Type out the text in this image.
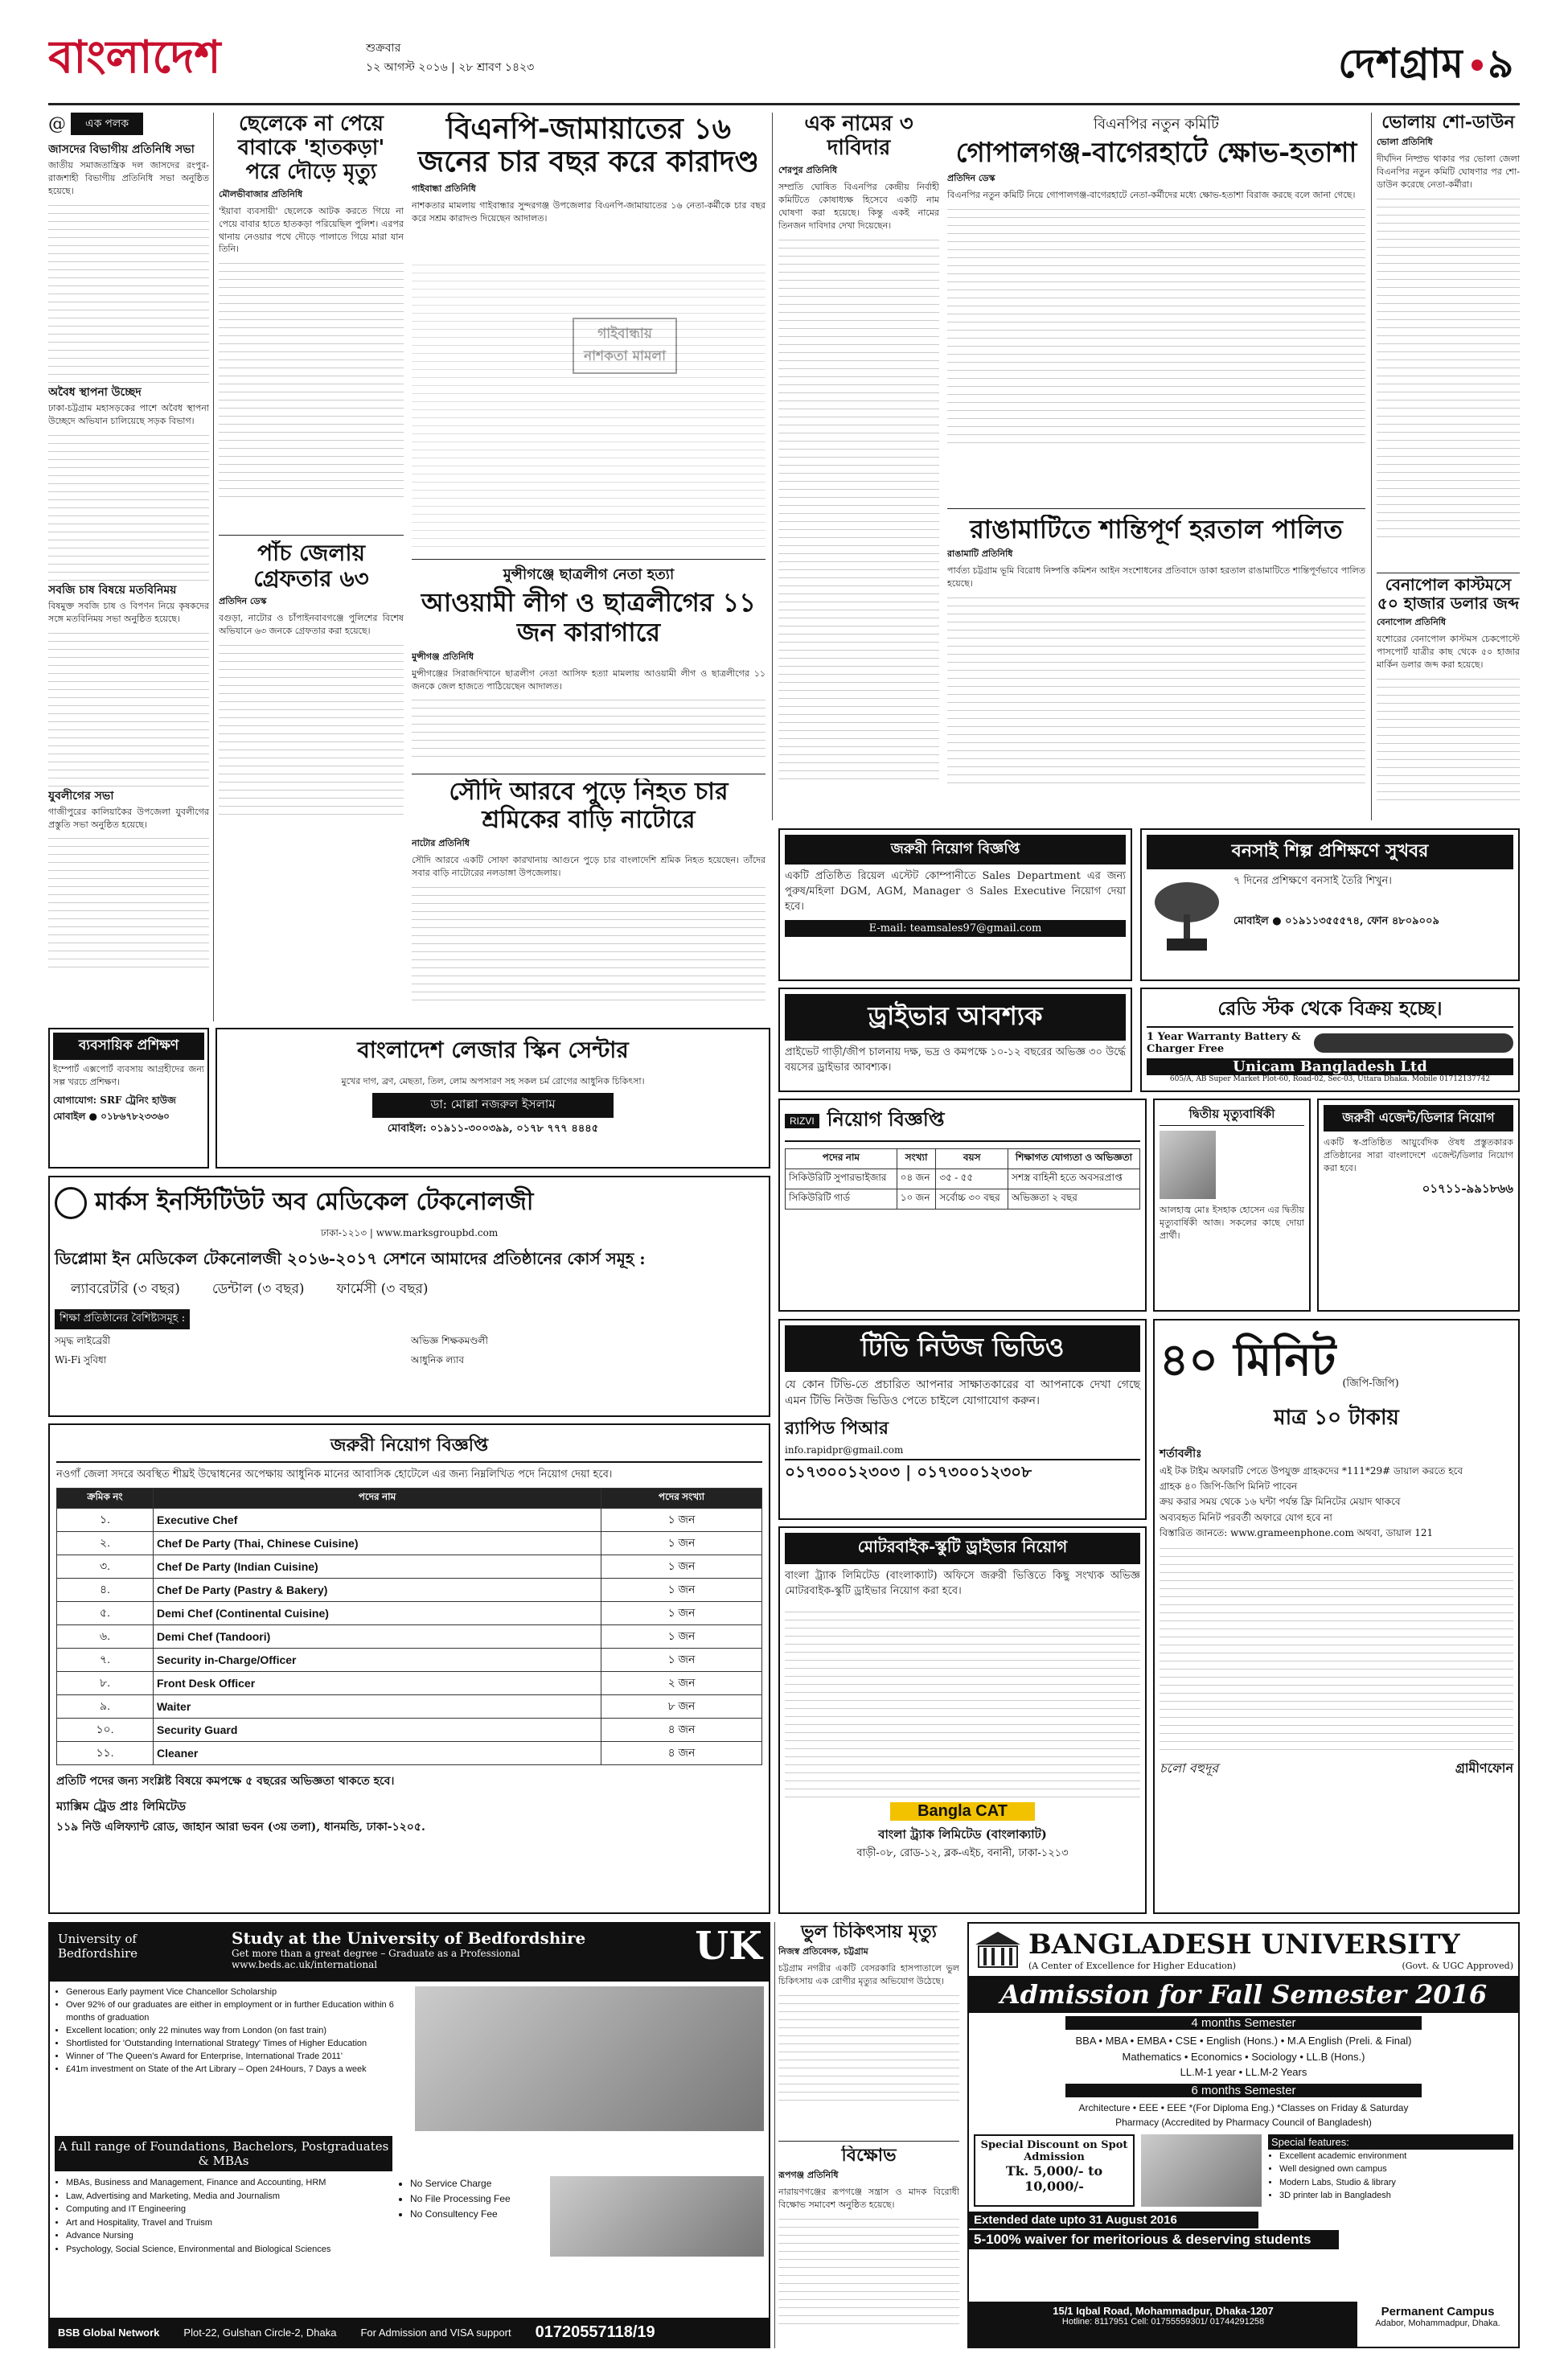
বাংলাদেশ	শুক্রবার
১২ আগস্ট ২০১৬ | ২৮ শ্রাবণ ১৪২৩	দেশগ্রাম ৯
@	এক পলক
জাসদের বিভাগীয় প্রতিনিধি সভা
জাতীয় সমাজতান্ত্রিক দল জাসদের রংপুর-রাজশাহী বিভাগীয় প্রতিনিধি সভা অনুষ্ঠিত হয়েছে।
অবৈধ স্থাপনা উচ্ছেদ
ঢাকা-চট্টগ্রাম মহাসড়কের পাশে অবৈধ স্থাপনা উচ্ছেদে অভিযান চালিয়েছে সড়ক বিভাগ।
সবজি চাষ বিষয়ে মতবিনিময়
বিষমুক্ত সবজি চাষ ও বিপণন নিয়ে কৃষকদের সঙ্গে মতবিনিময় সভা অনুষ্ঠিত হয়েছে।
যুবলীগের সভা
গাজীপুরের কালিয়াকৈর উপজেলা যুবলীগের প্রস্তুতি সভা অনুষ্ঠিত হয়েছে।
ছেলেকে না পেয়ে বাবাকে 'হাতকড়া' পরে দৌড়ে মৃত্যু
মৌলভীবাজার প্রতিনিধি
'ইয়াবা ব্যবসায়ী' ছেলেকে আটক করতে গিয়ে না পেয়ে বাবার হাতে হাতকড়া পরিয়েছিল পুলিশ। এরপর থানায় নেওয়ার পথে দৌড়ে পালাতে গিয়ে মারা যান তিনি।
পাঁচ জেলায় গ্রেফতার ৬৩
প্রতিদিন ডেস্ক
বগুড়া, নাটোর ও চাঁপাইনবাবগঞ্জে পুলিশের বিশেষ অভিযানে ৬৩ জনকে গ্রেফতার করা হয়েছে।
বিএনপি-জামায়াতের ১৬ জনের চার বছর করে কারাদণ্ড
গাইবান্ধা প্রতিনিধি
নাশকতার মামলায় গাইবান্ধার সুন্দরগঞ্জ উপজেলার বিএনপি-জামায়াতের ১৬ নেতা-কর্মীকে চার বছর করে সশ্রম কারাদণ্ড দিয়েছেন আদালত।
মুন্সীগঞ্জে ছাত্রলীগ নেতা হত্যা
আওয়ামী লীগ ও ছাত্রলীগের ১১ জন কারাগারে
মুন্সীগঞ্জ প্রতিনিধি
মুন্সীগঞ্জের সিরাজদিখানে ছাত্রলীগ নেতা আসিফ হত্যা মামলায় আওয়ামী লীগ ও ছাত্রলীগের ১১ জনকে জেল হাজতে পাঠিয়েছেন আদালত।
সৌদি আরবে পুড়ে নিহত চার শ্রমিকের বাড়ি নাটোরে
নাটোর প্রতিনিধি
সৌদি আরবে একটি সোফা কারখানায় আগুনে পুড়ে চার বাংলাদেশি শ্রমিক নিহত হয়েছেন। তাঁদের সবার বাড়ি নাটোরের নলডাঙ্গা উপজেলায়।
এক নামের ৩ দাবিদার
শেরপুর প্রতিনিধি
সম্প্রতি ঘোষিত বিএনপির কেন্দ্রীয় নির্বাহী কমিটিতে কোষাধ্যক্ষ হিসেবে একটি নাম ঘোষণা করা হয়েছে। কিন্তু একই নামের তিনজন দাবিদার দেখা দিয়েছেন।
বিএনপির নতুন কমিটি
গোপালগঞ্জ-বাগেরহাটে ক্ষোভ-হতাশা
প্রতিদিন ডেস্ক
বিএনপির নতুন কমিটি নিয়ে গোপালগঞ্জ-বাগেরহাটে নেতা-কর্মীদের মধ্যে ক্ষোভ-হতাশা বিরাজ করছে বলে জানা গেছে।
রাঙামাটিতে শান্তিপূর্ণ হরতাল পালিত
রাঙামাটি প্রতিনিধি
পার্বত্য চট্টগ্রাম ভূমি বিরোধ নিষ্পত্তি কমিশন আইন সংশোধনের প্রতিবাদে ডাকা হরতাল রাঙামাটিতে শান্তিপূর্ণভাবে পালিত হয়েছে।
ভোলায় শো-ডাউন
ভোলা প্রতিনিধি
দীর্ঘদিন নিষ্প্রভ থাকার পর ভোলা জেলা বিএনপির নতুন কমিটি ঘোষণার পর শো-ডাউন করেছে নেতা-কর্মীরা।
বেনাপোল কাস্টমসে ৫০ হাজার ডলার জব্দ
বেনাপোল প্রতিনিধি
যশোরের বেনাপোল কাস্টমস চেকপোস্টে পাসপোর্ট যাত্রীর কাছ থেকে ৫০ হাজার মার্কিন ডলার জব্দ করা হয়েছে।
ব্যবসায়িক প্রশিক্ষণ
ইম্পোর্ট এক্সপোর্ট ব্যবসায় আগ্রহীদের জন্য সল্প খরচে প্রশিক্ষণ।
যোগাযোগ: SRF ট্রেনিং হাউজ
মোবাইল ● ০১৮৬৭৮২৩৩৬০
বাংলাদেশ লেজার স্কিন সেন্টার
মুখের দাগ, ব্রণ, মেছতা, তিল, লোম অপসারণ সহ সকল চর্ম রোগের আধুনিক চিকিৎসা।
ডা: মোল্লা নজরুল ইসলাম
মোবাইল: ০১৯১১-৩০০৩৯৯, ০১৭৮ ৭৭৭ ৪৪৪৫
মার্কস ইনস্টিটিউট অব মেডিকেল টেকনোলজী
ঢাকা-১২১৩ | www.marksgroupbd.com
ডিপ্লোমা ইন মেডিকেল টেকনোলজী ২০১৬-২০১৭ সেশনে আমাদের প্রতিষ্ঠানের কোর্স সমূহ :
ল্যাবরেটরি (৩ বছর) ডেন্টাল (৩ বছর) ফার্মেসী (৩ বছর)
শিক্ষা প্রতিষ্ঠানের বৈশিষ্ট্যসমূহ :
সমৃদ্ধ লাইব্রেরী	অভিজ্ঞ শিক্ষকমণ্ডলী
Wi-Fi সুবিধা	আধুনিক ল্যাব
জরুরী নিয়োগ বিজ্ঞপ্তি
নওগাঁ জেলা সদরে অবস্থিত শীঘ্রই উদ্বোধনের অপেক্ষায় আধুনিক মানের আবাসিক হোটেলে এর জন্য নিম্নলিখিত পদে নিয়োগ দেয়া হবে।
ক্রমিক নং	পদের নাম	পদের সংখ্যা
১.	Executive Chef	১ জন
২.	Chef De Party (Thai, Chinese Cuisine)	১ জন
৩.	Chef De Party (Indian Cuisine)	১ জন
৪.	Chef De Party (Pastry & Bakery)	১ জন
৫.	Demi Chef (Continental Cuisine)	১ জন
৬.	Demi Chef (Tandoori)	১ জন
৭.	Security in-Charge/Officer	১ জন
৮.	Front Desk Officer	২ জন
৯.	Waiter	৮ জন
১০.	Security Guard	৪ জন
১১.	Cleaner	৪ জন
প্রতিটি পদের জন্য সংশ্লিষ্ট বিষয়ে কমপক্ষে ৫ বছরের অভিজ্ঞতা থাকতে হবে।
ম্যাক্সিম ট্রেড প্রাঃ লিমিটেড
১১৯ নিউ এলিফ্যান্ট রোড, জাহান আরা ভবন (৩য় তলা), ধানমন্ডি, ঢাকা-১২০৫.
জরুরী নিয়োগ বিজ্ঞপ্তি
একটি প্রতিষ্ঠিত রিয়েল এস্টেট কোম্পানীতে Sales Department এর জন্য পুরুষ/মহিলা DGM, AGM, Manager ও Sales Executive নিয়োগ দেয়া হবে।
E-mail: teamsales97@gmail.com
বনসাই শিল্প প্রশিক্ষণে সুখবর
৭ দিনের প্রশিক্ষণে বনসাই তৈরি শিখুন।
মোবাইল ● ০১৯১১৩৫৫৫৭৪, ফোন ৪৮০৯০০৯
ড্রাইভার আবশ্যক
প্রাইভেট গাড়ী/জীপ চালনায় দক্ষ, ভদ্র ও কমপক্ষে ১০-১২ বছরের অভিজ্ঞ ৩০ উর্দ্ধে বয়সের ড্রাইভার আবশ্যক।
রেডি স্টক থেকে বিক্রয় হচ্ছে।
1 Year Warranty Battery & Charger Free
Unicam Bangladesh Ltd
605/A, AB Super Market Plot-60, Road-02, Sec-03, Uttara Dhaka. Mobile 01712137742
RIZVI নিয়োগ বিজ্ঞপ্তি
পদের নাম	সংখ্যা	বয়স	শিক্ষাগত যোগ্যতা ও অভিজ্ঞতা
সিকিউরিটি সুপারভাইজার	০৪ জন	৩৫ - ৫৫	সশস্ত্র বাহিনী হতে অবসরপ্রাপ্ত
সিকিউরিটি গার্ড	১০ জন	সর্বোচ্চ ৩০ বছর	অভিজ্ঞতা ২ বছর
দ্বিতীয় মৃত্যুবার্ষিকী
আলহাজ্ব মোঃ ইসহাক হোসেন এর দ্বিতীয় মৃত্যুবার্ষিকী আজ। সকলের কাছে দোয়া প্রার্থী।
জরুরী এজেন্ট/ডিলার নিয়োগ
একটি স্ব-প্রতিষ্ঠিত আয়ুর্বেদিক ঔষধ প্রস্তুতকারক প্রতিষ্ঠানের সারা বাংলাদেশে এজেন্ট/ডিলার নিয়োগ করা হবে।
০১৭১১-৯৯১৮৬৬
টিভি নিউজ ভিডিও
যে কোন টিভি-তে প্রচারিত আপনার সাক্ষাতকারের বা আপনাকে দেখা গেছে এমন টিভি নিউজ ভিডিও পেতে চাইলে যোগাযোগ করুন।
র‍্যাপিড পিআর
info.rapidpr@gmail.com
০১৭৩০০১২৩০৩ | ০১৭৩০০১২৩০৮
মোটরবাইক-স্কুটি ড্রাইভার নিয়োগ
বাংলা ট্র্যাক লিমিটেড (বাংলাক্যাট) অফিসে জরুরী ভিত্তিতে কিছু সংখ্যক অভিজ্ঞ মোটরবাইক-স্কুটি ড্রাইভার নিয়োগ করা হবে।
Bangla CAT
বাংলা ট্র্যাক লিমিটেড (বাংলাক্যাট)
বাড়ী-০৮, রোড-১২, ব্লক-এইচ, বনানী, ঢাকা-১২১৩
৪০ মিনিট (জিপি-জিপি)
মাত্র ১০ টাকায়
শর্তাবলীঃ
এই টক টাইম অফারটি পেতে উপযুক্ত গ্রাহকদের *111*29# ডায়াল করতে হবে
গ্রাহক ৪০ জিপি-জিপি মিনিট পাবেন
ক্রয় করার সময় থেকে ১৬ ঘন্টা পর্যন্ত ফ্রি মিনিটের মেয়াদ থাকবে
অব্যবহৃত মিনিট পরবর্তী অফারে যোগ হবে না
বিস্তারিত জানতে: www.grameenphone.com অথবা, ডায়াল 121
চলো বহুদূর	গ্রামীণফোন
University of Bedfordshire
Study at the University of Bedfordshire
Get more than a great degree – Graduate as a Professional
www.beds.ac.uk/international	UK
• Generous Early payment Vice Chancellor Scholarship
• Over 92% of our graduates are either in employment or in further Education within 6 months of graduation
• Excellent location; only 22 minutes way from London (on fast train)
• Shortlisted for 'Outstanding International Strategy' Times of Higher Education
• Winner of 'The Queen's Award for Enterprise, International Trade 2011'
• £41m investment on State of the Art Library – Open 24Hours, 7 Days a week
A full range of Foundations, Bachelors, Postgraduates & MBAs
• MBAs, Business and Management, Finance and Accounting, HRM
• Law, Advertising and Marketing, Media and Journalism
• Computing and IT Engineering
• Art and Hospitality, Travel and Truism
• Advance Nursing
• Psychology, Social Science, Environmental and Biological Sciences
• No Service Charge
• No File Processing Fee
• No Consultency Fee
BSB Global Network Plot-22, Gulshan Circle-2, Dhaka For Admission and VISA support 01720557118/19
ভুল চিকিৎসায় মৃত্যু
নিজস্ব প্রতিবেদক, চট্টগ্রাম
চট্টগ্রাম নগরীর একটি বেসরকারি হাসপাতালে ভুল চিকিৎসায় এক রোগীর মৃত্যুর অভিযোগ উঠেছে।
বিক্ষোভ
রূপগঞ্জ প্রতিনিধি
নারায়ণগঞ্জের রূপগঞ্জে সন্ত্রাস ও মাদক বিরোধী বিক্ষোভ সমাবেশ অনুষ্ঠিত হয়েছে।
BANGLADESH UNIVERSITY
(A Center of Excellence for Higher Education)	(Govt. & UGC Approved)
Admission for Fall Semester 2016
4 months Semester
BBA • MBA • EMBA • CSE • English (Hons.) • M.A English (Preli. & Final)
Mathematics • Economics • Sociology • LL.B (Hons.)
LL.M-1 year • LL.M-2 Years
6 months Semester
Architecture • EEE • EEE *(For Diploma Eng.) *Classes on Friday & Saturday
Pharmacy (Accredited by Pharmacy Council of Bangladesh)
Special Discount on Spot Admission
Tk. 5,000/- to 10,000/-
Special features:
• Excellent academic environment
• Well designed own campus
• Modern Labs, Studio & library
• 3D printer lab in Bangladesh
Extended date upto 31 August 2016
5-100% waiver for meritorious & deserving students
15/1 Iqbal Road, Mohammadpur, Dhaka-1207
Hotline: 8117951 Cell: 01755559301/ 01744291258
Permanent Campus
Adabor, Mohammadpur, Dhaka.
